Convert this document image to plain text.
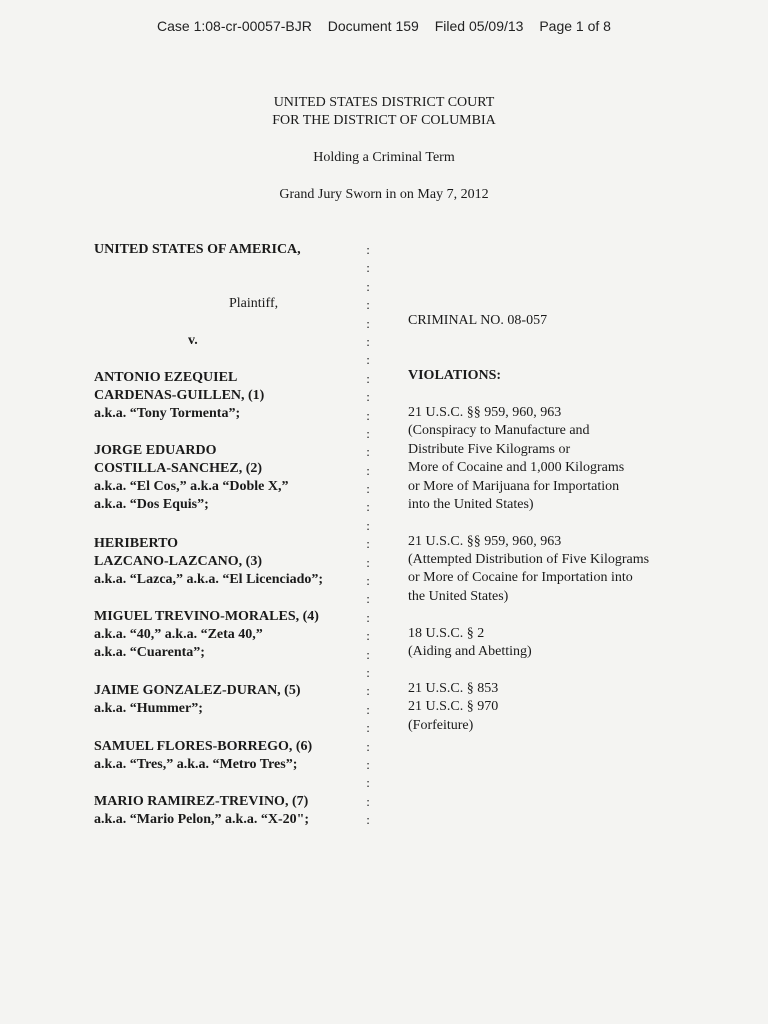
Case 1:08-cr-00057-BJR Document 159 Filed 05/09/13 Page 1 of 8
UNITED STATES DISTRICT COURT
FOR THE DISTRICT OF COLUMBIA
Holding a Criminal Term
Grand Jury Sworn in on May 7, 2012
UNITED STATES OF AMERICA,
Plaintiff,
v.
ANTONIO EZEQUIEL
CARDENAS-GUILLEN, (1)
a.k.a. “Tony Tormenta”;
JORGE EDUARDO
COSTILLA-SANCHEZ, (2)
a.k.a. “El Cos,” a.k.a “Doble X,”
a.k.a. “Dos Equis”;
HERIBERTO
LAZCANO-LAZCANO, (3)
a.k.a. “Lazca,” a.k.a. “El Licenciado”;
MIGUEL TREVINO-MORALES, (4)
a.k.a. “40,” a.k.a. “Zeta 40,”
a.k.a. “Cuarenta”;
JAIME GONZALEZ-DURAN, (5)
a.k.a. “Hummer”;
SAMUEL FLORES-BORREGO, (6)
a.k.a. “Tres,” a.k.a. “Metro Tres”;
MARIO RAMIREZ-TREVINO, (7)
a.k.a. “Mario Pelon,” a.k.a. “X-20";
:
:
:
:
:
:
:
:
:
:
:
:
:
:
:
:
:
:
:
:
:
:
:
:
:
:
:
:
:
:
:
:
CRIMINAL NO. 08-057
VIOLATIONS:
21 U.S.C. §§ 959, 960, 963
(Conspiracy to Manufacture and
Distribute Five Kilograms or
More of Cocaine and 1,000 Kilograms
or More of Marijuana for Importation
into the United States)
21 U.S.C. §§ 959, 960, 963
(Attempted Distribution of Five Kilograms
or More of Cocaine for Importation into
the United States)
18 U.S.C. § 2
(Aiding and Abetting)
21 U.S.C. § 853
21 U.S.C. § 970
(Forfeiture)
